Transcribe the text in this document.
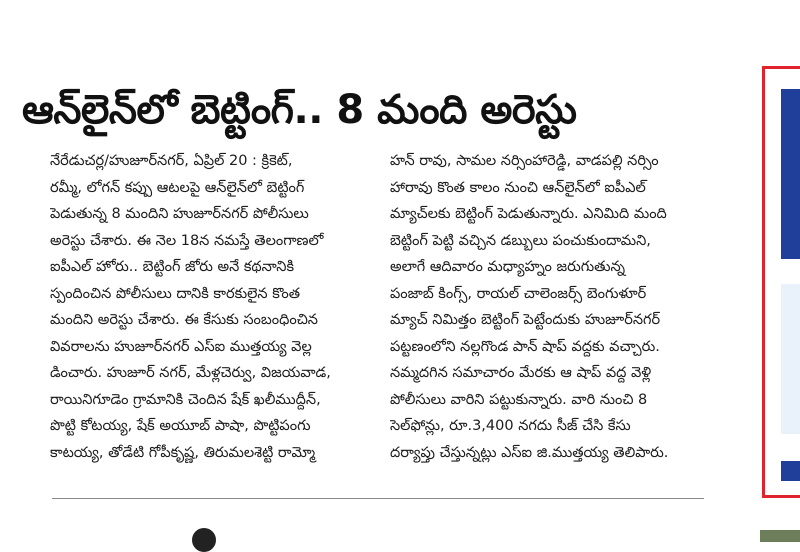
ఆన్‌లైన్‌లో బెట్టింగ్.. 8 మంది అరెస్టు
నేరేడుచర్ల/హుజూర్‌నగర్, ఏప్రిల్ 20 : క్రికెట్,
రమ్మీ, లోగన్ కప్పు ఆటలపై ఆన్‌లైన్‌లో బెట్టింగ్
పెడుతున్న 8 మందిని హుజూర్‌నగర్ పోలీసులు
అరెస్టు చేశారు. ఈ నెల 18న నమస్తే తెలంగాణలో
ఐపీఎల్ హోరు.. బెట్టింగ్ జోరు అనే కథనానికి
స్పందించిన పోలీసులు దానికి కారకులైన కొంత
మందిని అరెస్టు చేశారు. ఈ కేసుకు సంబంధించిన
వివరాలను హుజూర్‌నగర్ ఎస్ఐ ముత్తయ్య వెల్ల
డించారు. హుజూర్ నగర్, మేళ్లచెర్వు, విజయవాడ,
రాయినిగూడెం గ్రామానికి చెందిన షేక్ ఖలీముద్దీన్,
పొట్టి కోటయ్య, షేక్ అయూబ్ పాషా, పొట్టిపంగు
కాటయ్య, తోడేటి గోపీకృష్ణ, తిరుమలశెట్టి రామ్మో
హన్ రావు, సామల నర్సింహారెడ్డి, వాడపల్లి నర్సిం
హారావు కొంత కాలం నుంచి ఆన్‌లైన్‌లో ఐపీఎల్
మ్యాచ్‌లకు బెట్టింగ్ పెడుతున్నారు. ఎనిమిది మంది
బెట్టింగ్ పెట్టి వచ్చిన డబ్బులు పంచుకుందామని,
అలాగే ఆదివారం మధ్యాహ్నం జరుగుతున్న
పంజాబ్ కింగ్స్, రాయల్ చాలెంజర్స్ బెంగుళూర్
మ్యాచ్ నిమిత్తం బెట్టింగ్ పెట్టేందుకు హుజూర్‌నగర్
పట్టణంలోని నల్లగొండ పాన్ షాప్ వద్దకు వచ్చారు.
నమ్మదగిన సమాచారం మేరకు ఆ షాప్ వద్ద వెళ్లి
పోలీసులు వారిని పట్టుకున్నారు. వారి నుంచి 8
సెల్‌ఫోన్లు, రూ.3,400 నగదు సీజ్ చేసి కేసు
దర్యాప్తు చేస్తున్నట్లు ఎస్ఐ జి.ముత్తయ్య తెలిపారు.
